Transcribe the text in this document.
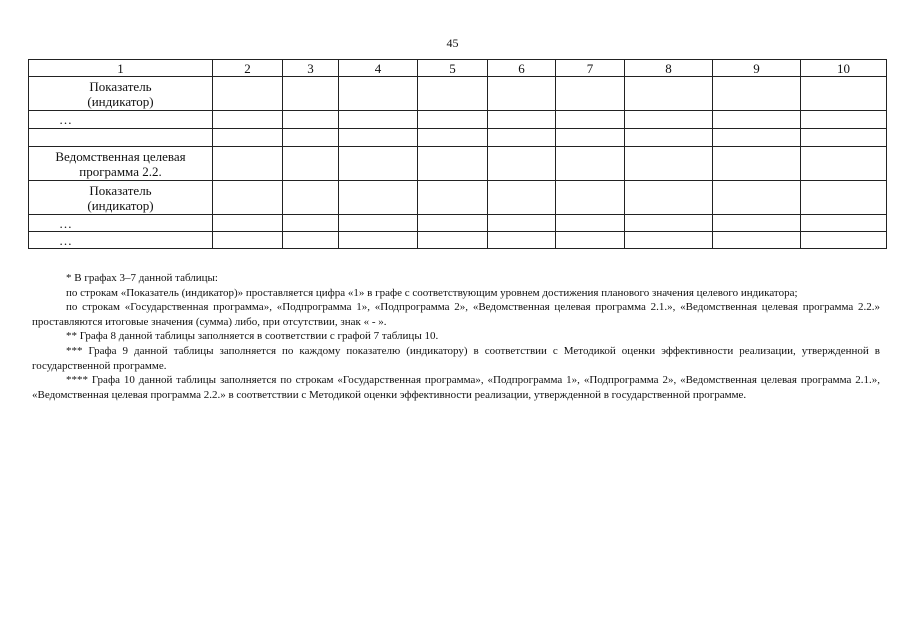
45
1	2	3	4	5	6	7	8	9	10
Показатель
(индикатор)									
…									

Ведомственная целевая
программа 2.2.									
Показатель
(индикатор)									
…									
…									

* В графах 3–7 данной таблицы:

по строкам «Показатель (индикатор)» проставляется цифра «1» в графе с соответствующим уровнем достижения планового значения целевого индикатора;

по строкам «Государственная программа», «Подпрограмма 1», «Подпрограмма 2», «Ведомственная целевая программа 2.1.», «Ведомственная целевая программа 2.2.» проставляются итоговые значения (сумма) либо, при отсутствии, знак « - ».

** Графа 8 данной таблицы заполняется в соответствии с графой 7 таблицы 10.

*** Графа 9 данной таблицы заполняется по каждому показателю (индикатору) в соответствии с Методикой оценки эффективности реализации, утвержденной в государственной программе.

**** Графа 10 данной таблицы заполняется по строкам «Государственная программа», «Подпрограмма 1», «Подпрограмма 2», «Ведомственная целевая программа 2.1.», «Ведомственная целевая программа 2.2.» в соответствии с Методикой оценки эффективности реализации, утвержденной в государственной программе.
